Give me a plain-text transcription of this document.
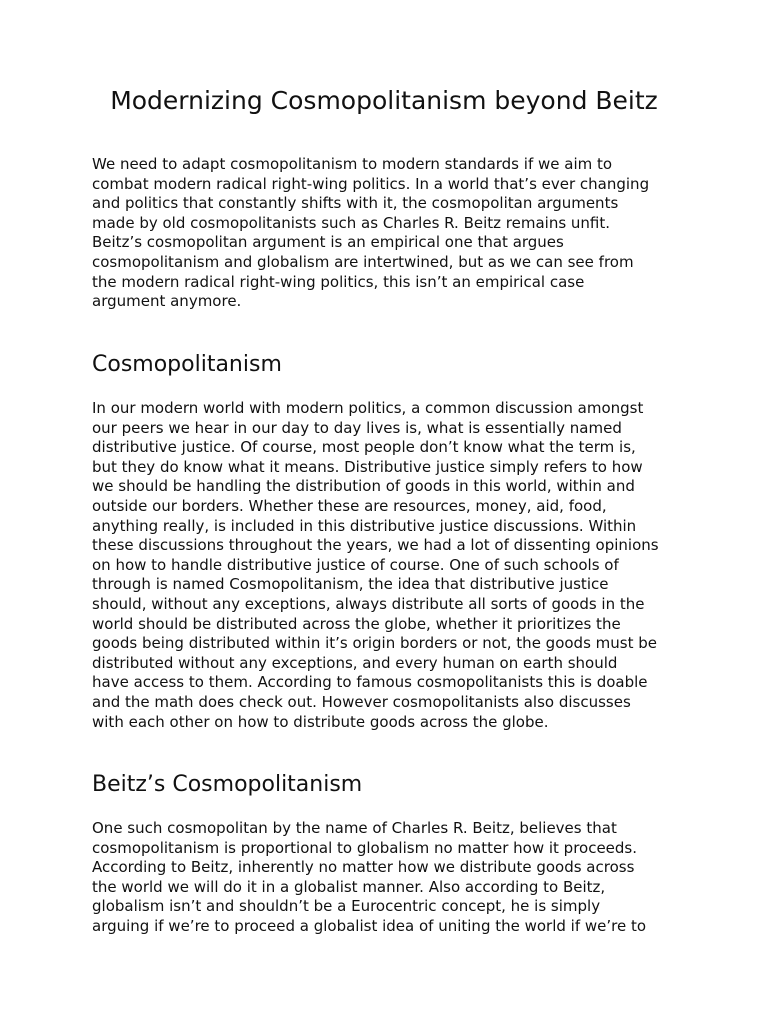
Modernizing Cosmopolitanism beyond Beitz
We need to adapt cosmopolitanism to modern standards if we aim to
combat modern radical right-wing politics. In a world that’s ever changing
and politics that constantly shifts with it, the cosmopolitan arguments
made by old cosmopolitanists such as Charles R. Beitz remains unfit.
Beitz’s cosmopolitan argument is an empirical one that argues
cosmopolitanism and globalism are intertwined, but as we can see from
the modern radical right-wing politics, this isn’t an empirical case
argument anymore.
Cosmopolitanism
In our modern world with modern politics, a common discussion amongst
our peers we hear in our day to day lives is, what is essentially named
distributive justice. Of course, most people don’t know what the term is,
but they do know what it means. Distributive justice simply refers to how
we should be handling the distribution of goods in this world, within and
outside our borders. Whether these are resources, money, aid, food,
anything really, is included in this distributive justice discussions. Within
these discussions throughout the years, we had a lot of dissenting opinions
on how to handle distributive justice of course. One of such schools of
through is named Cosmopolitanism, the idea that distributive justice
should, without any exceptions, always distribute all sorts of goods in the
world should be distributed across the globe, whether it prioritizes the
goods being distributed within it’s origin borders or not, the goods must be
distributed without any exceptions, and every human on earth should
have access to them. According to famous cosmopolitanists this is doable
and the math does check out. However cosmopolitanists also discusses
with each other on how to distribute goods across the globe.
Beitz’s Cosmopolitanism
One such cosmopolitan by the name of Charles R. Beitz, believes that
cosmopolitanism is proportional to globalism no matter how it proceeds.
According to Beitz, inherently no matter how we distribute goods across
the world we will do it in a globalist manner. Also according to Beitz,
globalism isn’t and shouldn’t be a Eurocentric concept, he is simply
arguing if we’re to proceed a globalist idea of uniting the world if we’re to
